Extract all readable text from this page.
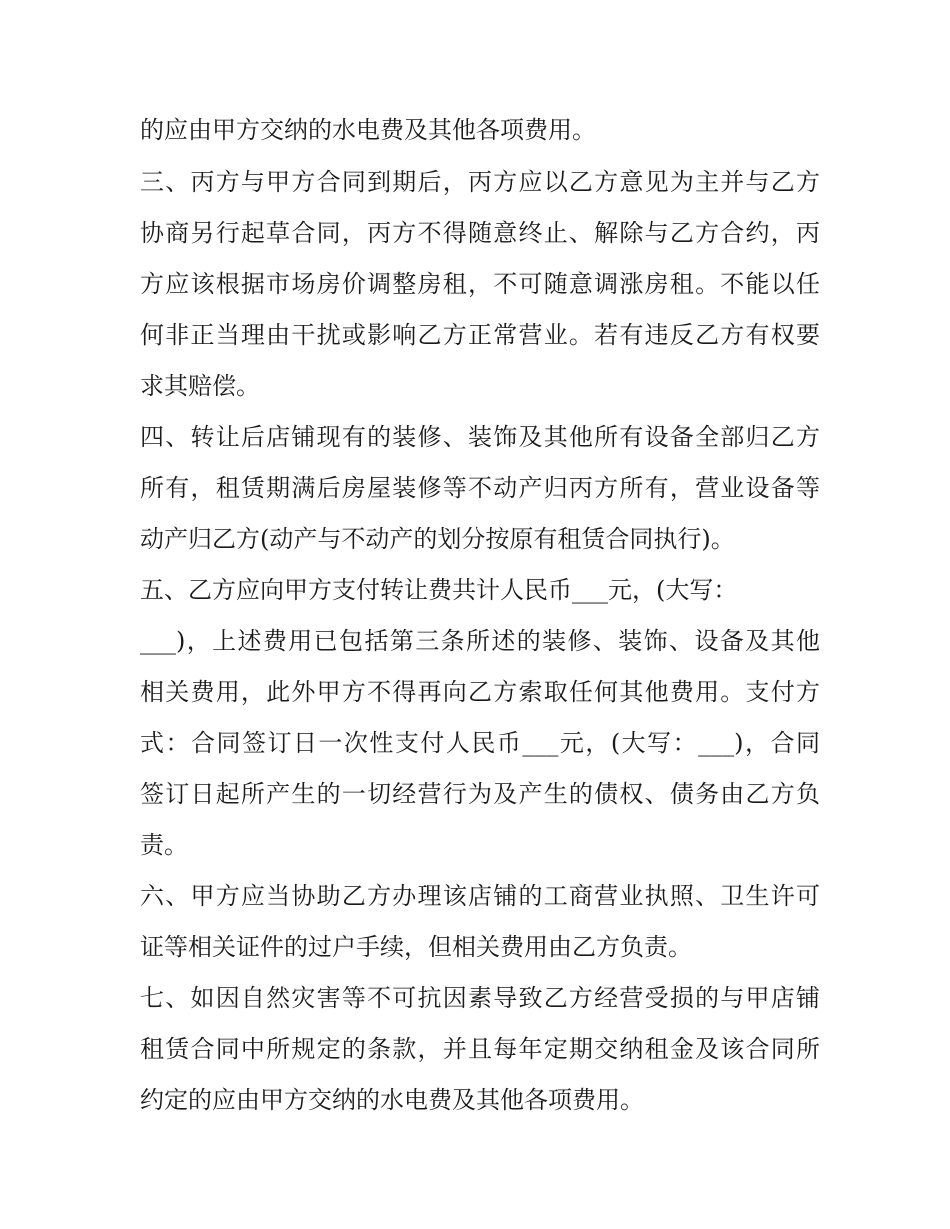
的应由甲方交纳的水电费及其他各项费用。
三、丙方与甲方合同到期后，丙方应以乙方意见为主并与乙方
协商另行起草合同，丙方不得随意终止、解除与乙方合约，丙
方应该根据市场房价调整房租，不可随意调涨房租。不能以任
何非正当理由干扰或影响乙方正常营业。若有违反乙方有权要
求其赔偿。
四、转让后店铺现有的装修、装饰及其他所有设备全部归乙方
所有，租赁期满后房屋装修等不动产归丙方所有，营业设备等
动产归乙方(动产与不动产的划分按原有租赁合同执行)。
五、乙方应向甲方支付转让费共计人民币___元，(大写：
___)，上述费用已包括第三条所述的装修、装饰、设备及其他
相关费用，此外甲方不得再向乙方索取任何其他费用。支付方
式：合同签订日一次性支付人民币___元，(大写：___)，合同
签订日起所产生的一切经营行为及产生的债权、债务由乙方负
责。
六、甲方应当协助乙方办理该店铺的工商营业执照、卫生许可
证等相关证件的过户手续，但相关费用由乙方负责。
七、如因自然灾害等不可抗因素导致乙方经营受损的与甲店铺
租赁合同中所规定的条款，并且每年定期交纳租金及该合同所
约定的应由甲方交纳的水电费及其他各项费用。
